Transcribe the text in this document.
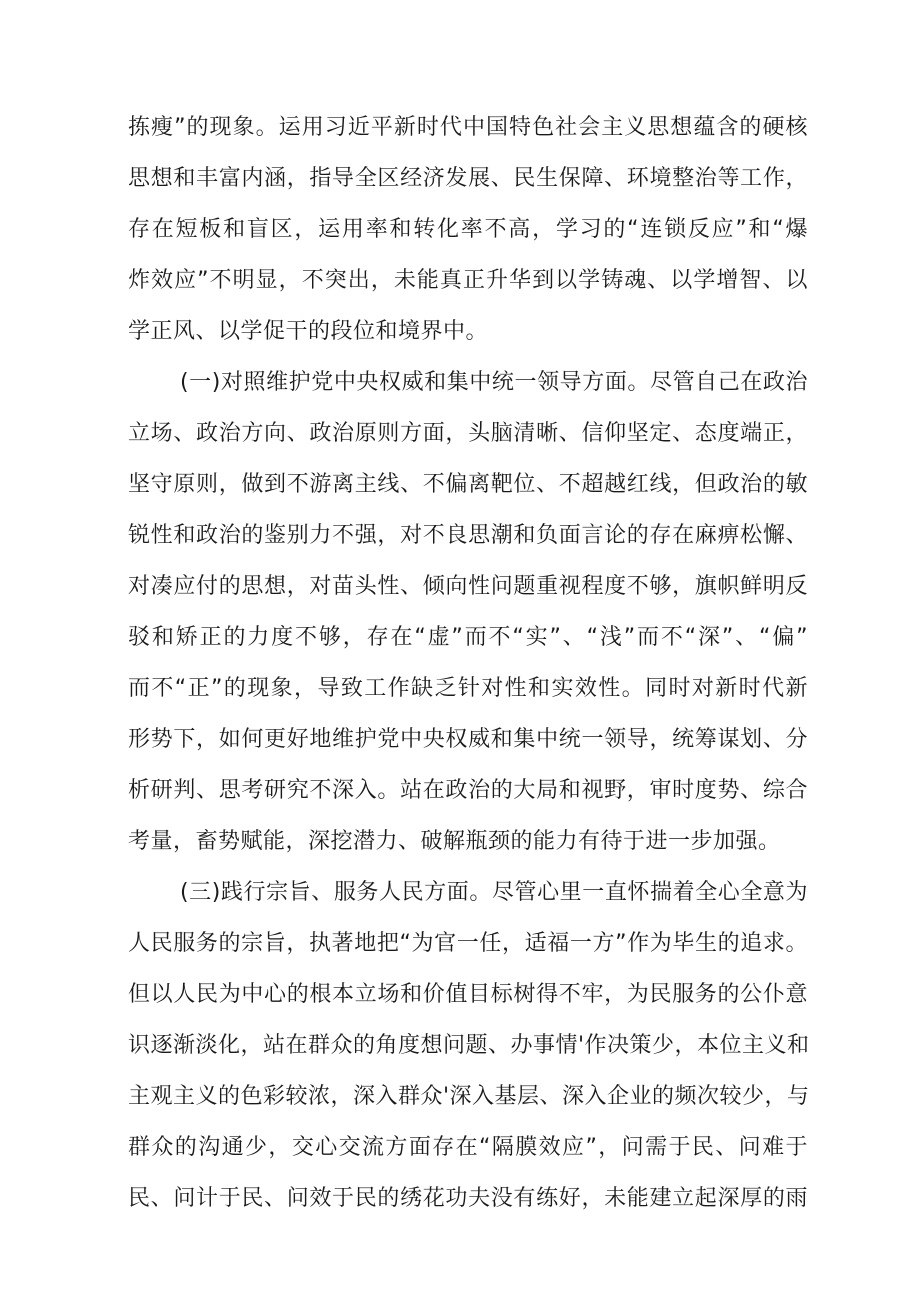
拣瘦”的现象。运用习近平新时代中国特色社会主义思想蕴含的硬核
思想和丰富内涵，指导全区经济发展、民生保障、环境整治等工作，
存在短板和盲区，运用率和转化率不高，学习的“连锁反应”和“爆
炸效应”不明显，不突出，未能真正升华到以学铸魂、以学增智、以
学正风、以学促干的段位和境界中。
(一)对照维护党中央权威和集中统一领导方面。尽管自己在政治
立场、政治方向、政治原则方面，头脑清晰、信仰坚定、态度端正，
坚守原则，做到不游离主线、不偏离靶位、不超越红线，但政治的敏
锐性和政治的鉴别力不强，对不良思潮和负面言论的存在麻痹松懈、
对凑应付的思想，对苗头性、倾向性问题重视程度不够，旗帜鲜明反
驳和矫正的力度不够，存在“虚”而不“实”、“浅”而不“深”、“偏”
而不“正”的现象，导致工作缺乏针对性和实效性。同时对新时代新
形势下，如何更好地维护党中央权威和集中统一领导，统筹谋划、分
析研判、思考研究不深入。站在政治的大局和视野，审时度势、综合
考量，畜势赋能，深挖潜力、破解瓶颈的能力有待于进一步加强。
(三)践行宗旨、服务人民方面。尽管心里一直怀揣着全心全意为
人民服务的宗旨，执著地把“为官一任，适福一方”作为毕生的追求。
但以人民为中心的根本立场和价值目标树得不牢，为民服务的公仆意
识逐渐淡化，站在群众的角度想问题、办事情'作决策少，本位主义和
主观主义的色彩较浓，深入群众'深入基层、深入企业的频次较少，与
群众的沟通少，交心交流方面存在“隔膜效应”，问需于民、问难于
民、问计于民、问效于民的绣花功夫没有练好，未能建立起深厚的雨
